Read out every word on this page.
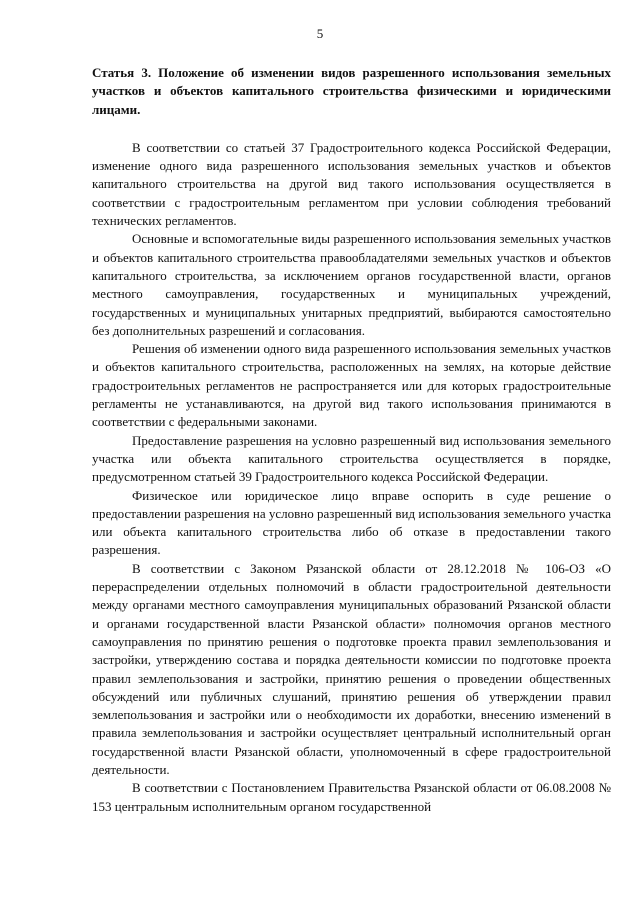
5

Статья 3. Положение об изменении видов разрешенного использования земельных участков и объектов капитального строительства физическими и юридическими лицами.

В соответствии со статьей 37 Градостроительного кодекса Российской Федерации, изменение одного вида разрешенного использования земельных участков и объектов капитального строительства на другой вид такого использования осуществляется в соответствии с градостроительным регламентом при условии соблюдения требований технических регламентов.

Основные и вспомогательные виды разрешенного использования земельных участков и объектов капитального строительства правообладателями земельных участков и объектов капитального строительства, за исключением органов государственной власти, органов местного самоуправления, государственных и муниципальных учреждений, государственных и муниципальных унитарных предприятий, выбираются самостоятельно без дополнительных разрешений и согласования.

Решения об изменении одного вида разрешенного использования земельных участков и объектов капитального строительства, расположенных на землях, на которые действие градостроительных регламентов не распространяется или для которых градостроительные регламенты не устанавливаются, на другой вид такого использования принимаются в соответствии с федеральными законами.

Предоставление разрешения на условно разрешенный вид использования земельного участка или объекта капитального строительства осуществляется в порядке, предусмотренном статьей 39 Градостроительного кодекса Российской Федерации.

Физическое или юридическое лицо вправе оспорить в суде решение о предоставлении разрешения на условно разрешенный вид использования земельного участка или объекта капитального строительства либо об отказе в предоставлении такого разрешения.

В соответствии с Законом Рязанской области от 28.12.2018 № 106-ОЗ «О перераспределении отдельных полномочий в области градостроительной деятельности между органами местного самоуправления муниципальных образований Рязанской области и органами государственной власти Рязанской области» полномочия органов местного самоуправления по принятию решения о подготовке проекта правил землепользования и застройки, утверждению состава и порядка деятельности комиссии по подготовке проекта правил землепользования и застройки, принятию решения о проведении общественных обсуждений или публичных слушаний, принятию решения об утверждении правил землепользования и застройки или о необходимости их доработки, внесению изменений в правила землепользования и застройки осуществляет центральный исполнительный орган государственной власти Рязанской области, уполномоченный в сфере градостроительной деятельности.

В соответствии с Постановлением Правительства Рязанской области от 06.08.2008 № 153 центральным исполнительным органом государственной
